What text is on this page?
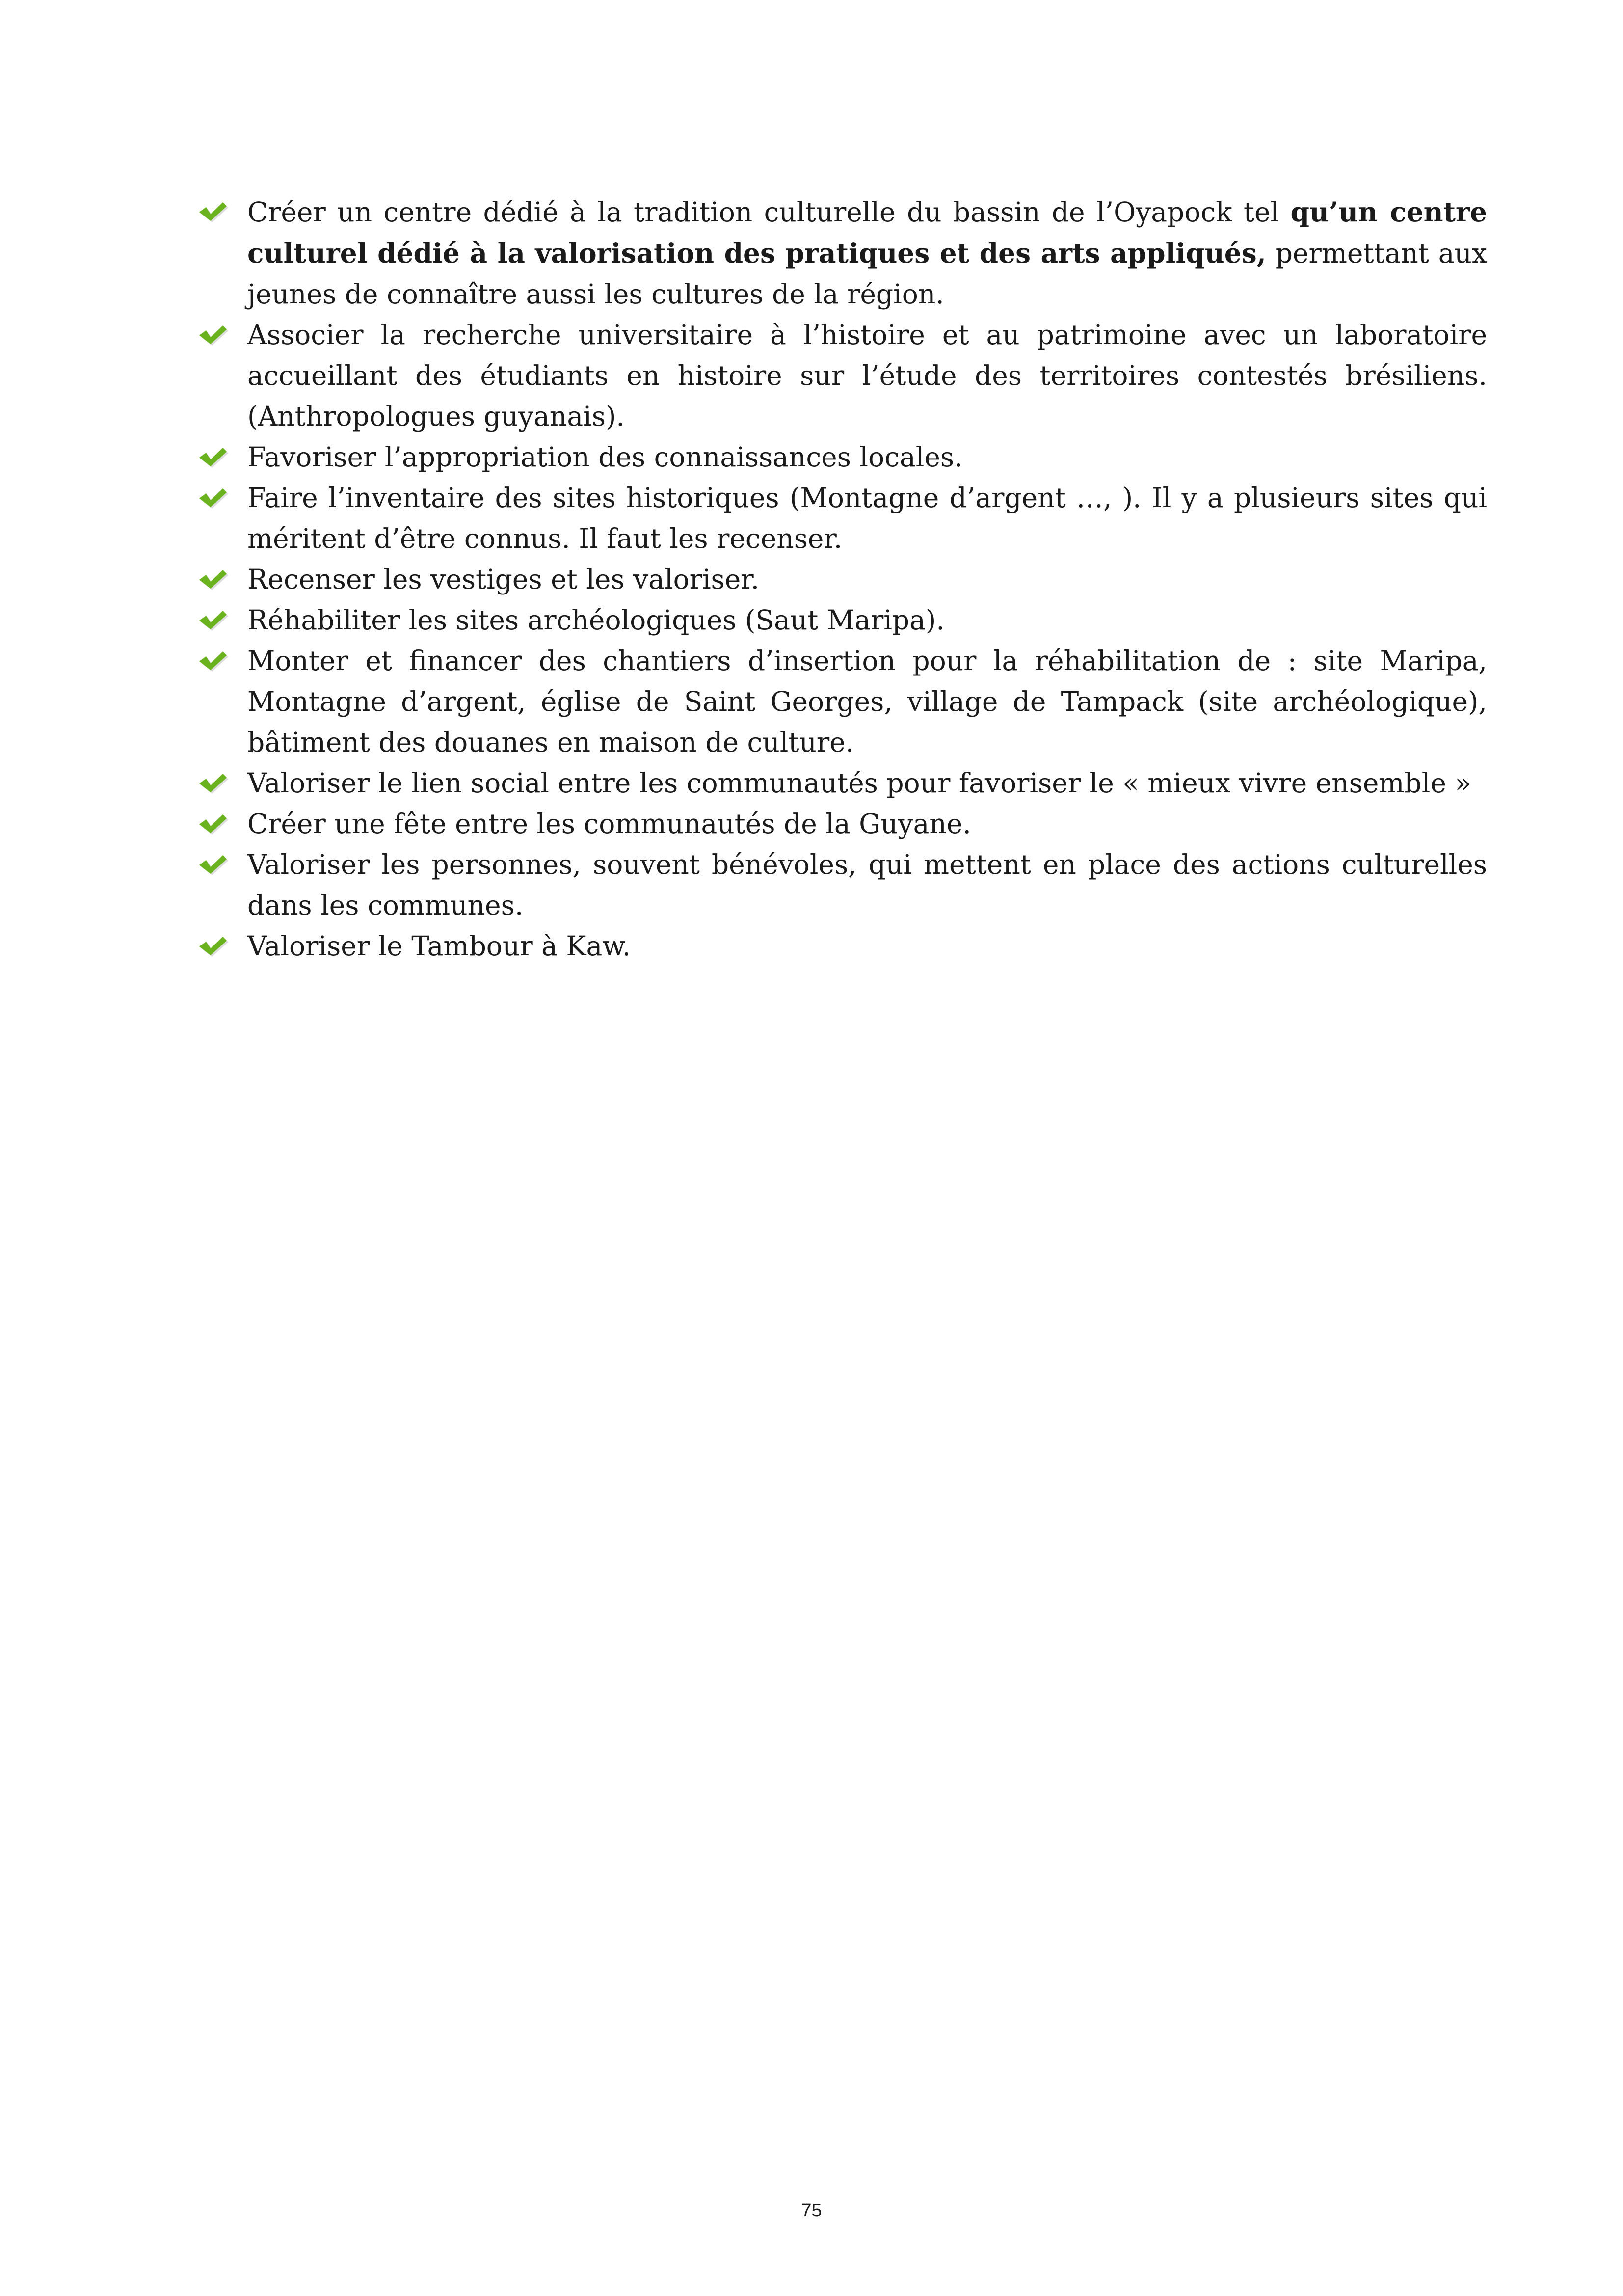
Créer un centre dédié à la tradition culturelle du bassin de l’Oyapock tel qu’un centre culturel dédié à la valorisation des pratiques et des arts appliqués, permettant aux jeunes de connaître aussi les cultures de la région.

Associer la recherche universitaire à l’histoire et au patrimoine avec un laboratoire accueillant des étudiants en histoire sur l’étude des territoires contestés brésiliens. (Anthropologues guyanais).

Favoriser l’appropriation des connaissances locales.

Faire l’inventaire des sites historiques (Montagne d’argent …, ). Il y a plusieurs sites qui méritent d’être connus. Il faut les recenser.

Recenser les vestiges et les valoriser.

Réhabiliter les sites archéologiques (Saut Maripa).

Monter et financer des chantiers d’insertion pour la réhabilitation de : site Maripa, Montagne d’argent, église de Saint Georges, village de Tampack (site archéologique), bâtiment des douanes en maison de culture.

Valoriser le lien social entre les communautés pour favoriser le « mieux vivre ensemble »

Créer une fête entre les communautés de la Guyane.

Valoriser les personnes, souvent bénévoles, qui mettent en place des actions culturelles dans les communes.

Valoriser le Tambour à Kaw.

75
